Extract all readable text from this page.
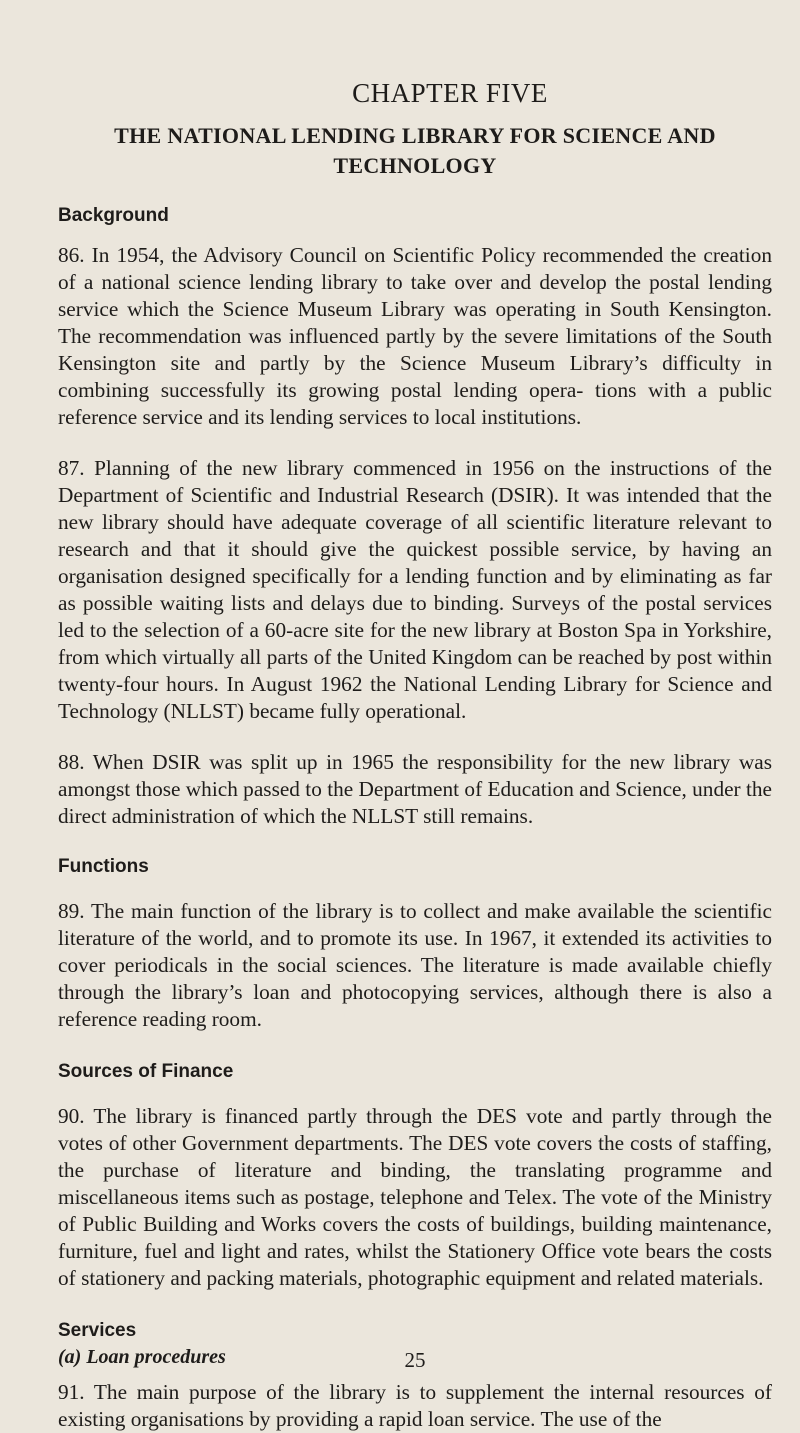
CHAPTER FIVE
THE NATIONAL LENDING LIBRARY FOR SCIENCE AND TECHNOLOGY
Background

86. In 1954, the Advisory Council on Scientific Policy recommended the creation of a national science lending library to take over and develop the postal lending service which the Science Museum Library was operating in South Kensington. The recommendation was influenced partly by the severe limitations of the South Kensington site and partly by the Science Museum Library’s difficulty in combining successfully its growing postal lending opera- tions with a public reference service and its lending services to local institutions.

87. Planning of the new library commenced in 1956 on the instructions of the Department of Scientific and Industrial Research (DSIR). It was intended that the new library should have adequate coverage of all scientific literature relevant to research and that it should give the quickest possible service, by having an organisation designed specifically for a lending function and by eliminating as far as possible waiting lists and delays due to binding. Surveys of the postal services led to the selection of a 60-acre site for the new library at Boston Spa in Yorkshire, from which virtually all parts of the United Kingdom can be reached by post within twenty-four hours. In August 1962 the National Lending Library for Science and Technology (NLLST) became fully operational.

88. When DSIR was split up in 1965 the responsibility for the new library was amongst those which passed to the Department of Education and Science, under the direct administration of which the NLLST still remains.

Functions

89. The main function of the library is to collect and make available the scientific literature of the world, and to promote its use. In 1967, it extended its activities to cover periodicals in the social sciences. The literature is made available chiefly through the library’s loan and photocopying services, although there is also a reference reading room.

Sources of Finance

90. The library is financed partly through the DES vote and partly through the votes of other Government departments. The DES vote covers the costs of staffing, the purchase of literature and binding, the translating programme and miscellaneous items such as postage, telephone and Telex. The vote of the Ministry of Public Building and Works covers the costs of buildings, building maintenance, furniture, fuel and light and rates, whilst the Stationery Office vote bears the costs of stationery and packing materials, photographic equipment and related materials.

Services
(a) Loan procedures

91. The main purpose of the library is to supplement the internal resources of existing organisations by providing a rapid loan service. The use of the

25
